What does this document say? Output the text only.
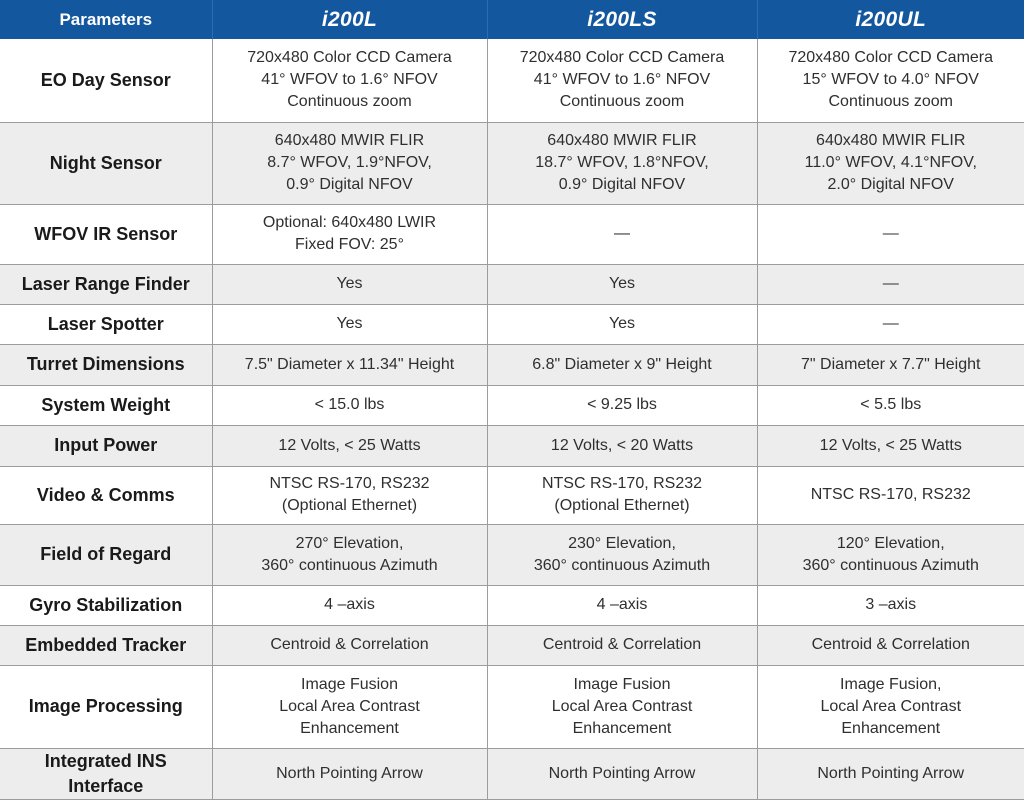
Parameters	i200L	i200LS	i200UL

EO Day Sensor	720x480 Color CCD Camera
41° WFOV to 1.6° NFOV
Continuous zoom	720x480 Color CCD Camera
41° WFOV to 1.6° NFOV
Continuous zoom	720x480 Color CCD Camera
15° WFOV to 4.0° NFOV
Continuous zoom

Night Sensor	640x480 MWIR FLIR
8.7° WFOV, 1.9°NFOV,
0.9° Digital NFOV	640x480 MWIR FLIR
18.7° WFOV, 1.8°NFOV,
0.9° Digital NFOV	640x480 MWIR FLIR
11.0° WFOV, 4.1°NFOV,
2.0° Digital NFOV

WFOV IR Sensor	Optional: 640x480 LWIR
Fixed FOV: 25°	—	—

Laser Range Finder	Yes	Yes	—

Laser Spotter	Yes	Yes	—

Turret Dimensions	7.5" Diameter x 11.34" Height	6.8" Diameter x 9" Height	7" Diameter x 7.7" Height

System Weight	< 15.0 lbs	< 9.25 lbs	< 5.5 lbs

Input Power	12 Volts, < 25 Watts	12 Volts, < 20 Watts	12 Volts, < 25 Watts

Video & Comms	NTSC RS-170, RS232
(Optional Ethernet)	NTSC RS-170, RS232
(Optional Ethernet)	NTSC RS-170, RS232

Field of Regard	270° Elevation,
360° continuous Azimuth	230° Elevation,
360° continuous Azimuth	120° Elevation,
360° continuous Azimuth

Gyro Stabilization	4 –axis	4 –axis	3 –axis

Embedded Tracker	Centroid & Correlation	Centroid & Correlation	Centroid & Correlation

Image Processing	Image Fusion
Local Area Contrast
Enhancement	Image Fusion
Local Area Contrast
Enhancement	Image Fusion,
Local Area Contrast
Enhancement

Integrated INS
Interface	North Pointing Arrow	North Pointing Arrow	North Pointing Arrow
